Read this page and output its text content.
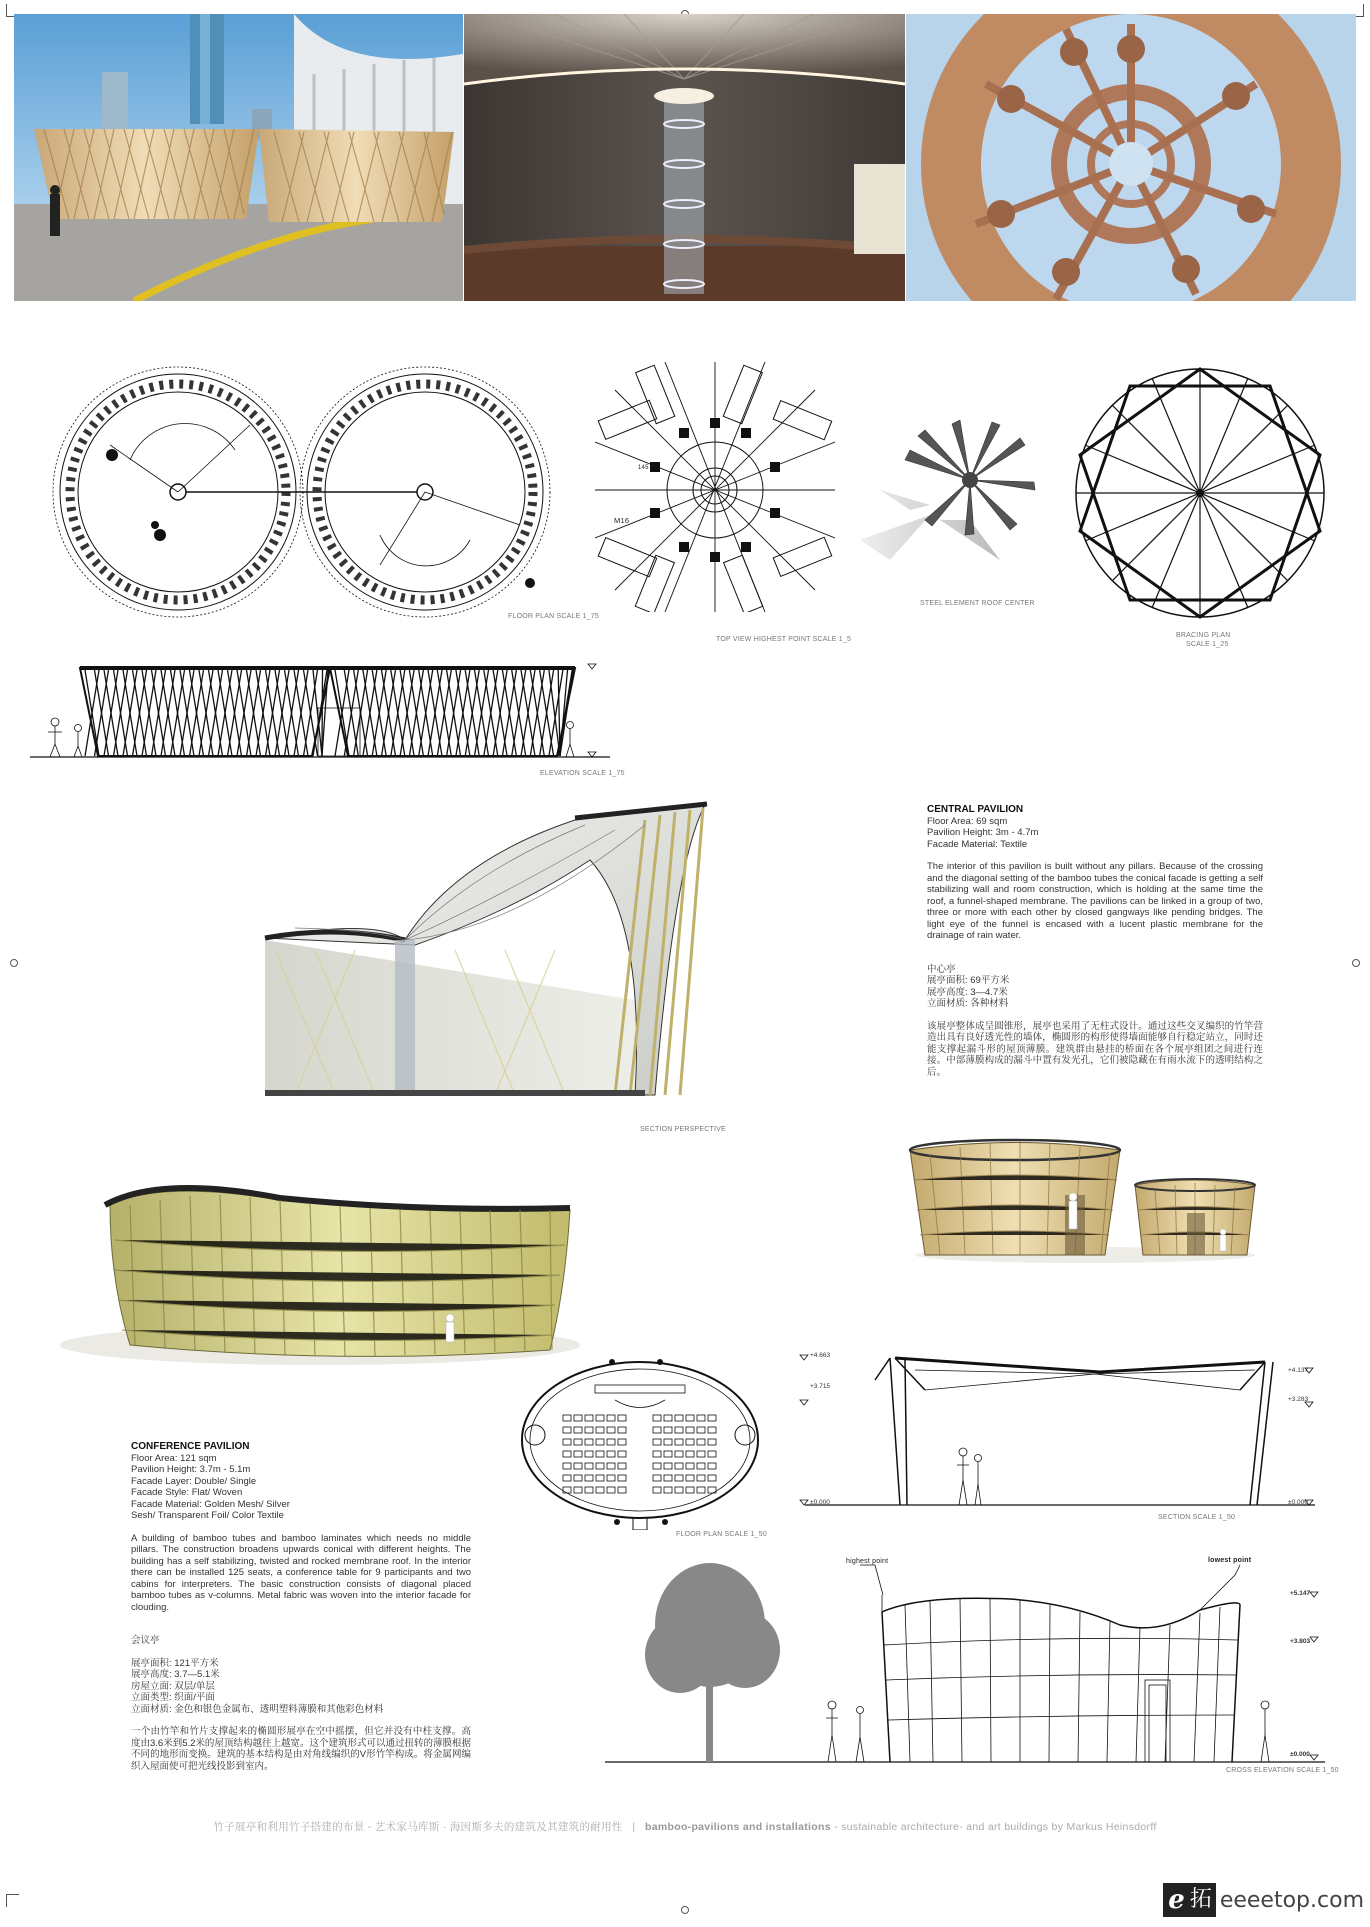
FLOOR PLAN SCALE 1_75
M16
145
TOP VIEW HIGHEST POINT SCALE 1_5
STEEL ELEMENT ROOF CENTER
BRACING PLAN
SCALE 1_25
ELEVATION SCALE 1_75
SECTION PERSPECTIVE
CENTRAL PAVILION

Floor Area: 69 sqm

Pavilion Height: 3m - 4.7m

Facade Material: Textile

The interior of this pavilion is built without any pillars. Because of the crossing and the diagonal setting of the bamboo tubes the conical facade is getting a self stabilizing wall and room construction, which is holding at the same time the roof, a funnel-shaped membrane. The pavilions can be linked in a group of two, three or more with each other by closed gangways like pending bridges. The light eye of the funnel is encased with a lucent plastic membrane for the drainage of rain water.

中心亭

展亭面积: 69平方米

展亭高度: 3—4.7米

立面材质: 各种材料

该展亭整体成呈圆锥形，展亭也采用了无柱式设计。通过这些交叉编织的竹竿营造出具有良好透光性的墙体，椭圆形的构形使得墙面能够自行稳定站立，同时还能支撑起漏斗形的屋顶薄膜。建筑群由悬挂的桥面在各个展亭组团之间进行连接。中部薄膜构成的漏斗中置有发光孔，它们被隐藏在有雨水流下的透明结构之后。

FLOOR PLAN SCALE 1_50
+4.663
+3.715
±0.000
+4.137
+3.283
±0.000
SECTION SCALE 1_50
CONFERENCE PAVILION

Floor Area: 121 sqm

Pavilion Height: 3.7m - 5.1m

Facade Layer: Double/ Single

Facade Style: Flat/ Woven

Facade Material: Golden Mesh/ Silver

Sesh/ Transparent Foil/ Color Textile

A building of bamboo tubes and bamboo laminates which needs no middle pillars. The construction broadens upwards conical with different heights. The building has a self stabilizing, twisted and rocked membrane roof. In the interior there can be installed 125 seats, a conference table for 9 participants and two cabins for interpreters. The basic construction consists of diagonal placed bamboo tubes as v-columns. Metal fabric was woven into the interior facade for clouding.

会议亭

展亭面积: 121平方米

展亭高度: 3.7—5.1米

房屋立面: 双层/单层

立面类型: 织面/平面

立面材质: 金色和银色金属布、透明塑料薄膜和其他彩色材料

一个由竹竿和竹片支撑起来的椭圆形展亭在空中摇摆，但它并没有中柱支撑。高度由3.6米到5.2米的屋顶结构越往上越宽。这个建筑形式可以通过扭转的薄膜根据不同的地形而变换。建筑的基本结构是由对角线编织的V形竹竿构成。将金属网编织入屋面使可把光线投影到室内。

highest point	lowest point
+5.147
+3.803
±0.000
CROSS ELEVATION SCALE 1_50
竹子展亭和利用竹子搭建的布景 - 艺术家马库斯 · 海因斯多夫的建筑及其建筑的耐用性 | bamboo-pavilions and installations - sustainable architecture- and art buildings by Markus Heinsdorff
e 拓 eeeetop.com
